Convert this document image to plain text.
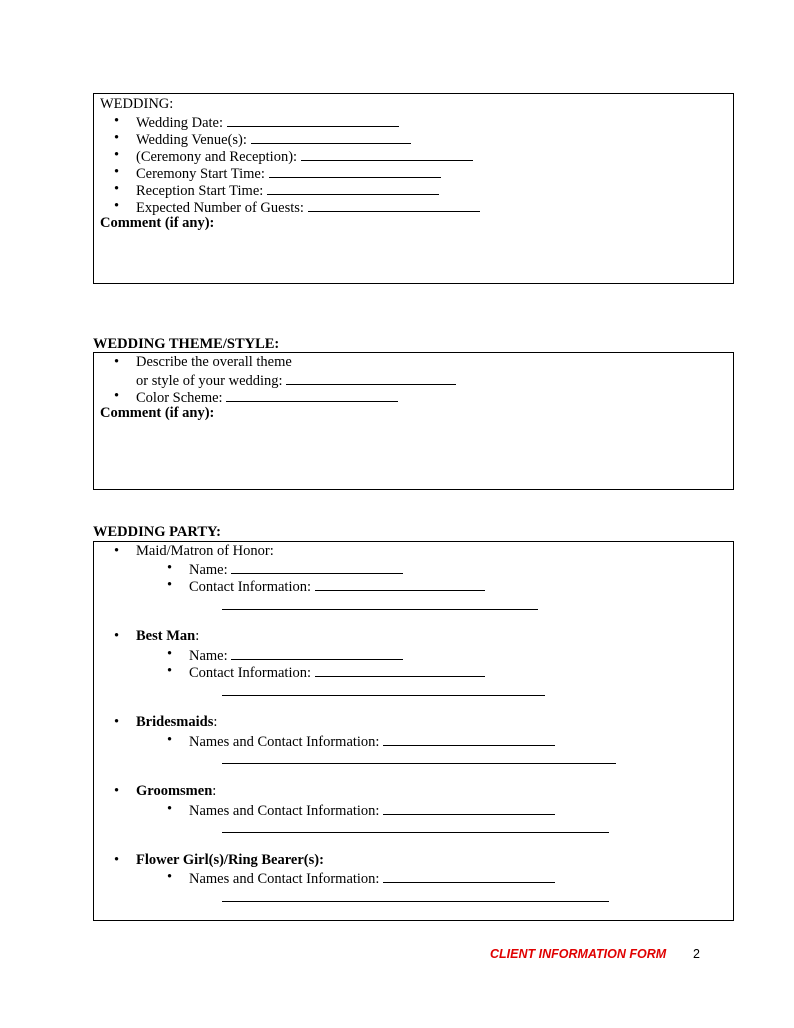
WEDDING:
• Wedding Date:
• Wedding Venue(s):
• (Ceremony and Reception):
• Ceremony Start Time:
• Reception Start Time:
• Expected Number of Guests:
Comment (if any):
WEDDING THEME/STYLE:
• Describe the overall theme
or style of your wedding:
• Color Scheme:
Comment (if any):
WEDDING PARTY:
• Maid/Matron of Honor:
• Name:
• Contact Information:
• Best Man:
• Name:
• Contact Information:
• Bridesmaids:
• Names and Contact Information:
• Groomsmen:
• Names and Contact Information:
• Flower Girl(s)/Ring Bearer(s):
• Names and Contact Information:
CLIENT INFORMATION FORM 2
